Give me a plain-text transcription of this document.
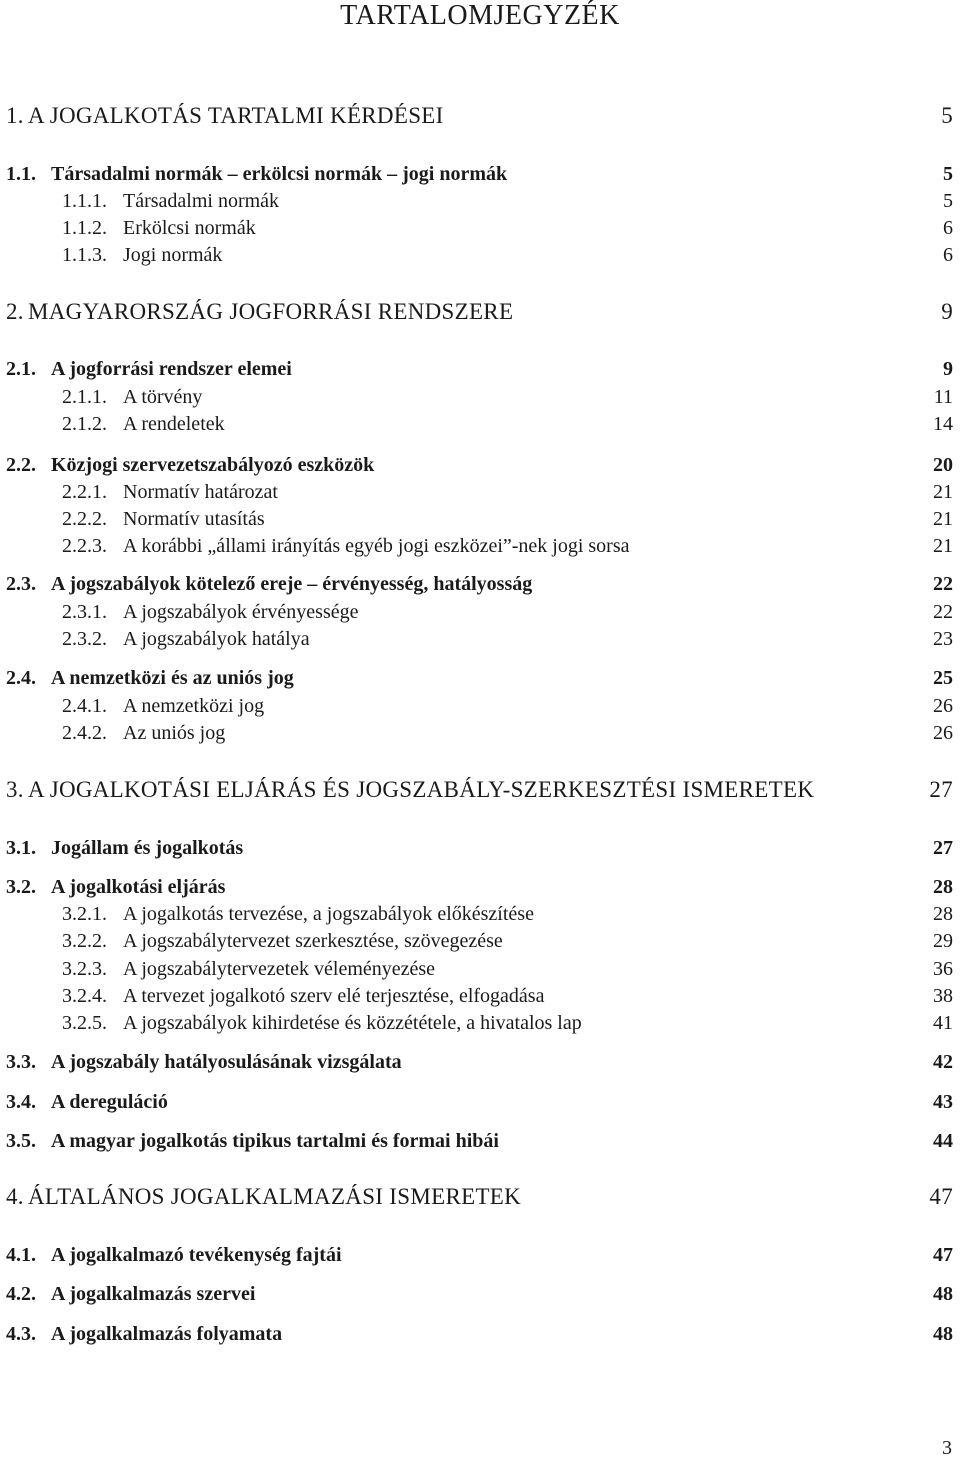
TARTALOMJEGYZÉK
1. A JOGALKOTÁS TARTALMI KÉRDÉSEI	5
1.1. Társadalmi normák – erkölcsi normák – jogi normák	5
1.1.1. Társadalmi normák	5
1.1.2. Erkölcsi normák	6
1.1.3. Jogi normák	6
2. MAGYARORSZÁG JOGFORRÁSI RENDSZERE	9
2.1. A jogforrási rendszer elemei	9
2.1.1. A törvény	11
2.1.2. A rendeletek	14
2.2. Közjogi szervezetszabályozó eszközök	20
2.2.1. Normatív határozat	21
2.2.2. Normatív utasítás	21
2.2.3. A korábbi „állami irányítás egyéb jogi eszközei”-nek jogi sorsa	21
2.3. A jogszabályok kötelező ereje – érvényesség, hatályosság	22
2.3.1. A jogszabályok érvényessége	22
2.3.2. A jogszabályok hatálya	23
2.4. A nemzetközi és az uniós jog	25
2.4.1. A nemzetközi jog	26
2.4.2. Az uniós jog	26
3. A JOGALKOTÁSI ELJÁRÁS ÉS JOGSZABÁLY-SZERKESZTÉSI ISMERETEK	27
3.1. Jogállam és jogalkotás	27
3.2. A jogalkotási eljárás	28
3.2.1. A jogalkotás tervezése, a jogszabályok előkészítése	28
3.2.2. A jogszabálytervezet szerkesztése, szövegezése	29
3.2.3. A jogszabálytervezetek véleményezése	36
3.2.4. A tervezet jogalkotó szerv elé terjesztése, elfogadása	38
3.2.5. A jogszabályok kihirdetése és közzététele, a hivatalos lap	41
3.3. A jogszabály hatályosulásának vizsgálata	42
3.4. A dereguláció	43
3.5. A magyar jogalkotás tipikus tartalmi és formai hibái	44
4. ÁLTALÁNOS JOGALKALMAZÁSI ISMERETEK	47
4.1. A jogalkalmazó tevékenység fajtái	47
4.2. A jogalkalmazás szervei	48
4.3. A jogalkalmazás folyamata	48
3
